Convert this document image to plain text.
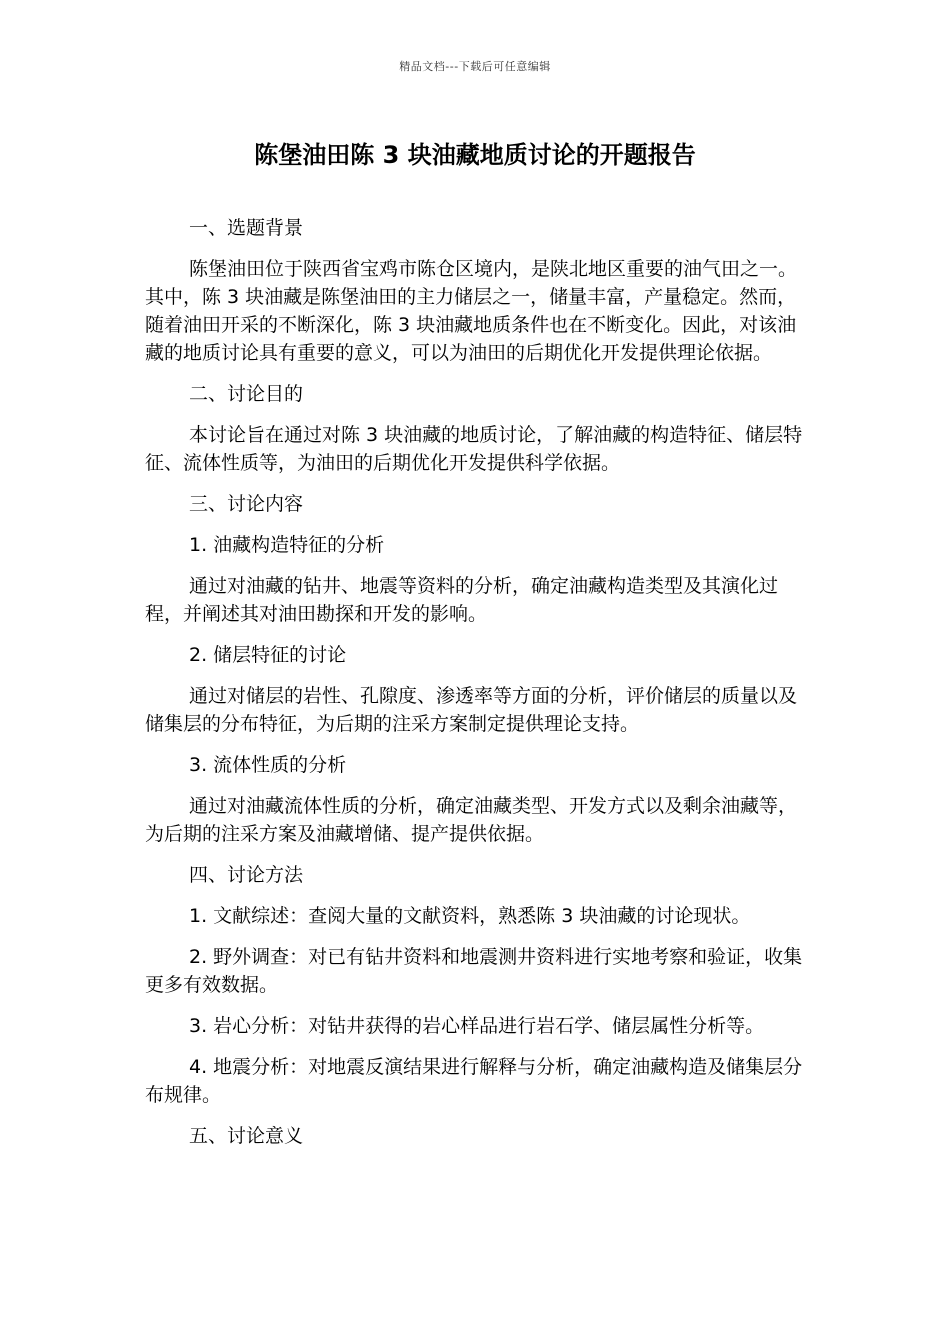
精品文档---下载后可任意编辑
陈堡油田陈 3 块油藏地质讨论的开题报告

一、选题背景

陈堡油田位于陕西省宝鸡市陈仓区境内，是陕北地区重要的油气田之一。其中，陈 3 块油藏是陈堡油田的主力储层之一，储量丰富，产量稳定。然而，随着油田开采的不断深化，陈 3 块油藏地质条件也在不断变化。因此，对该油藏的地质讨论具有重要的意义，可以为油田的后期优化开发提供理论依据。

二、讨论目的

本讨论旨在通过对陈 3 块油藏的地质讨论，了解油藏的构造特征、储层特征、流体性质等，为油田的后期优化开发提供科学依据。

三、讨论内容

1. 油藏构造特征的分析

通过对油藏的钻井、地震等资料的分析，确定油藏构造类型及其演化过程，并阐述其对油田勘探和开发的影响。

2. 储层特征的讨论

通过对储层的岩性、孔隙度、渗透率等方面的分析，评价储层的质量以及储集层的分布特征，为后期的注采方案制定提供理论支持。

3. 流体性质的分析

通过对油藏流体性质的分析，确定油藏类型、开发方式以及剩余油藏等，为后期的注采方案及油藏增储、提产提供依据。

四、讨论方法

1. 文献综述：查阅大量的文献资料，熟悉陈 3 块油藏的讨论现状。

2. 野外调查：对已有钻井资料和地震测井资料进行实地考察和验证，收集更多有效数据。

3. 岩心分析：对钻井获得的岩心样品进行岩石学、储层属性分析等。

4. 地震分析：对地震反演结果进行解释与分析，确定油藏构造及储集层分布规律。

五、讨论意义
